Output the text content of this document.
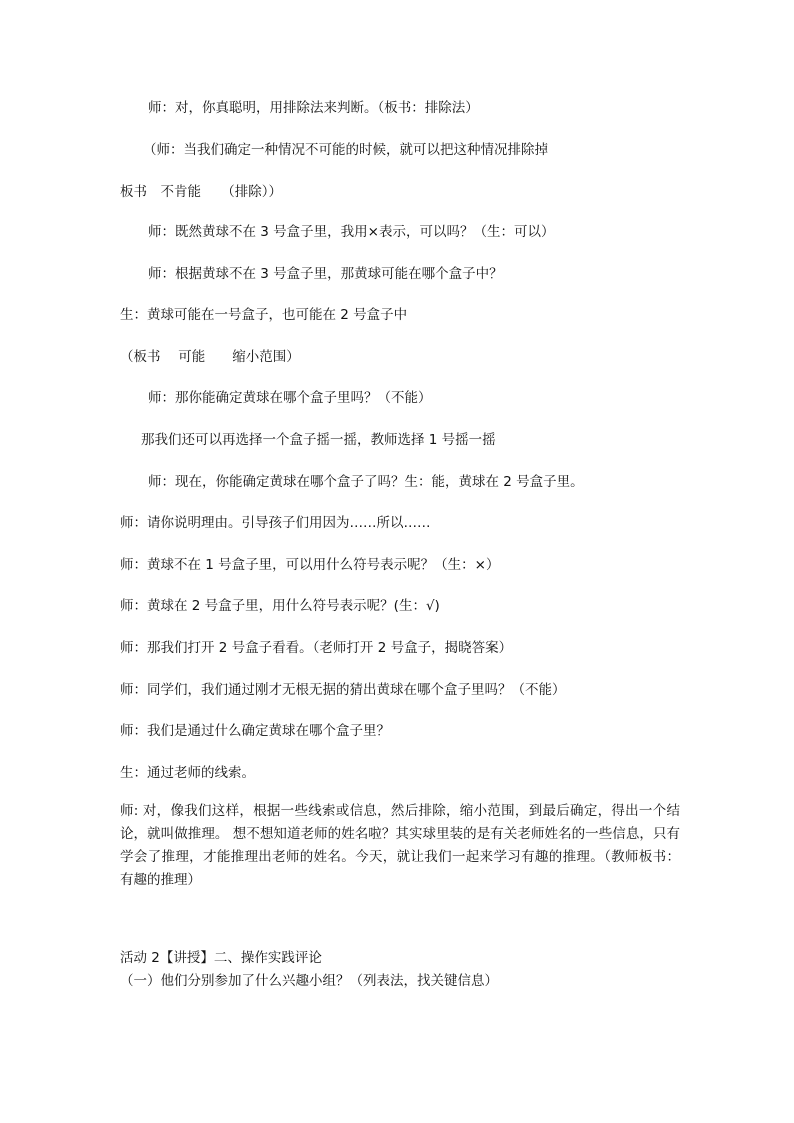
师：对，你真聪明，用排除法来判断。（板书：排除法）

（师：当我们确定一种情况不可能的时候，就可以把这种情况排除掉

板书　不肯能　　（排除））

师：既然黄球不在 3 号盒子里，我用×表示，可以吗？（生：可以）

师：根据黄球不在 3 号盒子里，那黄球可能在哪个盒子中？

生：黄球可能在一号盒子，也可能在 2 号盒子中

（板书　 可能　　缩小范围）

师：那你能确定黄球在哪个盒子里吗？（不能）

那我们还可以再选择一个盒子摇一摇，教师选择 1 号摇一摇

师：现在，你能确定黄球在哪个盒子了吗？生：能，黄球在 2 号盒子里。

师：请你说明理由。引导孩子们用因为……所以……

师：黄球不在 1 号盒子里，可以用什么符号表示呢？（生：×）

师：黄球在 2 号盒子里，用什么符号表示呢？(生：√)

师：那我们打开 2 号盒子看看。（老师打开 2 号盒子，揭晓答案）

师：同学们，我们通过刚才无根无据的猜出黄球在哪个盒子里吗？（不能）

师：我们是通过什么确定黄球在哪个盒子里？

生：通过老师的线索。

师: 对，像我们这样，根据一些线索或信息，然后排除，缩小范围，到最后确定，得出一个结论，就叫做推理。 想不想知道老师的姓名啦？其实球里装的是有关老师姓名的一些信息，只有学会了推理，才能推理出老师的姓名。今天，就让我们一起来学习有趣的推理。（教师板书：有趣的推理）

活动 2【讲授】二、操作实践评论

（一）他们分别参加了什么兴趣小组？（列表法，找关键信息）
